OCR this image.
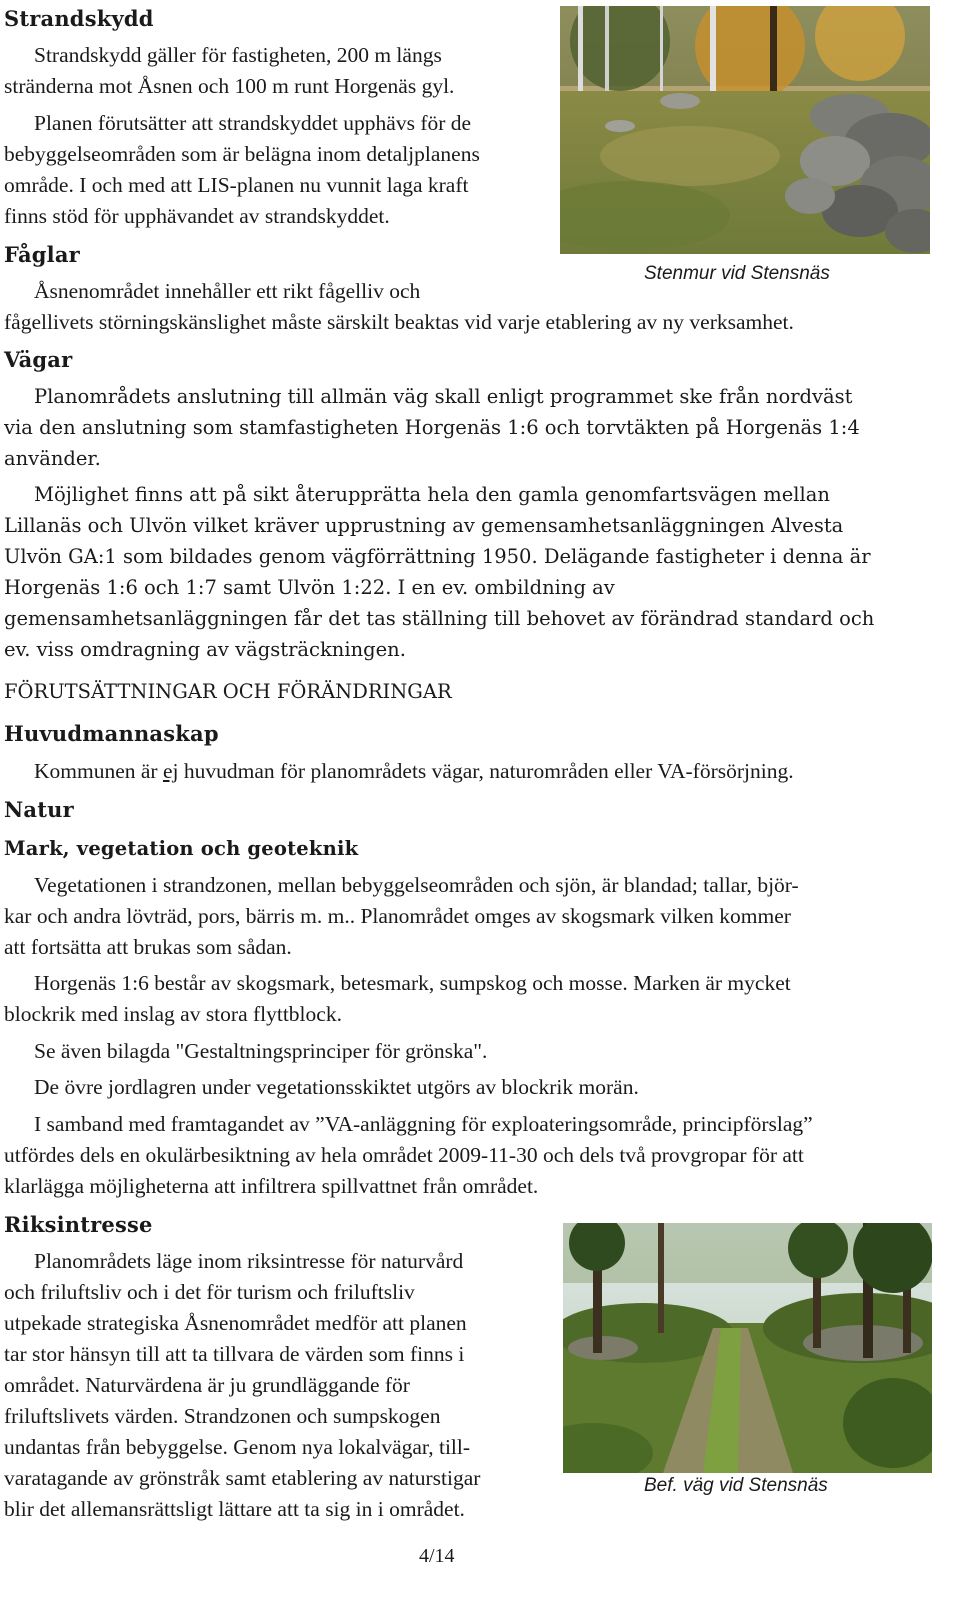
Strandskydd
Strandskydd gäller för fastigheten, 200 m längs
stränderna mot Åsnen och 100 m runt Horgenäs gyl.
Planen förutsätter att strandskyddet upphävs för de
bebyggelseområden som är belägna inom detaljplanens
område. I och med att LIS-planen nu vunnit laga kraft
finns stöd för upphävandet av strandskyddet.
Stenmur vid Stensnäs
Fåglar
Åsnenområdet innehåller ett rikt fågelliv och
fågellivets störningskänslighet måste särskilt beaktas vid varje etablering av ny verksamhet.
Vägar
Planområdets anslutning till allmän väg skall enligt programmet ske från nordväst
via den anslutning som stamfastigheten Horgenäs 1:6 och torvtäkten på Horgenäs 1:4
använder.
Möjlighet finns att på sikt återupprätta hela den gamla genomfartsvägen mellan
Lillanäs och Ulvön vilket kräver upprustning av gemensamhetsanläggningen Alvesta
Ulvön GA:1 som bildades genom vägförrättning 1950. Delägande fastigheter i denna är
Horgenäs 1:6 och 1:7 samt Ulvön 1:22. I en ev. ombildning av
gemensamhetsanläggningen får det tas ställning till behovet av förändrad standard och
ev. viss omdragning av vägsträckningen.
FÖRUTSÄTTNINGAR OCH FÖRÄNDRINGAR
Huvudmannaskap
Kommunen är ej huvudman för planområdets vägar, naturområden eller VA-försörjning.
Natur
Mark, vegetation och geoteknik
Vegetationen i strandzonen, mellan bebyggelseområden och sjön, är blandad; tallar, björ-
kar och andra lövträd, pors, bärris m. m.. Planområdet omges av skogsmark vilken kommer
att fortsätta att brukas som sådan.
Horgenäs 1:6 består av skogsmark, betesmark, sumpskog och mosse. Marken är mycket
blockrik med inslag av stora flyttblock.
Se även bilagda "Gestaltningsprinciper för grönska".
De övre jordlagren under vegetationsskiktet utgörs av blockrik morän.
I samband med framtagandet av ”VA-anläggning för exploateringsområde, principförslag”
utfördes dels en okulärbesiktning av hela området 2009-11-30 och dels två provgropar för att
klarlägga möjligheterna att infiltrera spillvattnet från området.
Riksintresse
Planområdets läge inom riksintresse för naturvård
och friluftsliv och i det för turism och friluftsliv
utpekade strategiska Åsnenområdet medför att planen
tar stor hänsyn till att ta tillvara de värden som finns i
området. Naturvärdena är ju grundläggande för
friluftslivets värden. Strandzonen och sumpskogen
undantas från bebyggelse. Genom nya lokalvägar, till-
varatagande av grönstråk samt etablering av naturstigar
blir det allemansrättsligt lättare att ta sig in i området.
Bef. väg vid Stensnäs
4/14
